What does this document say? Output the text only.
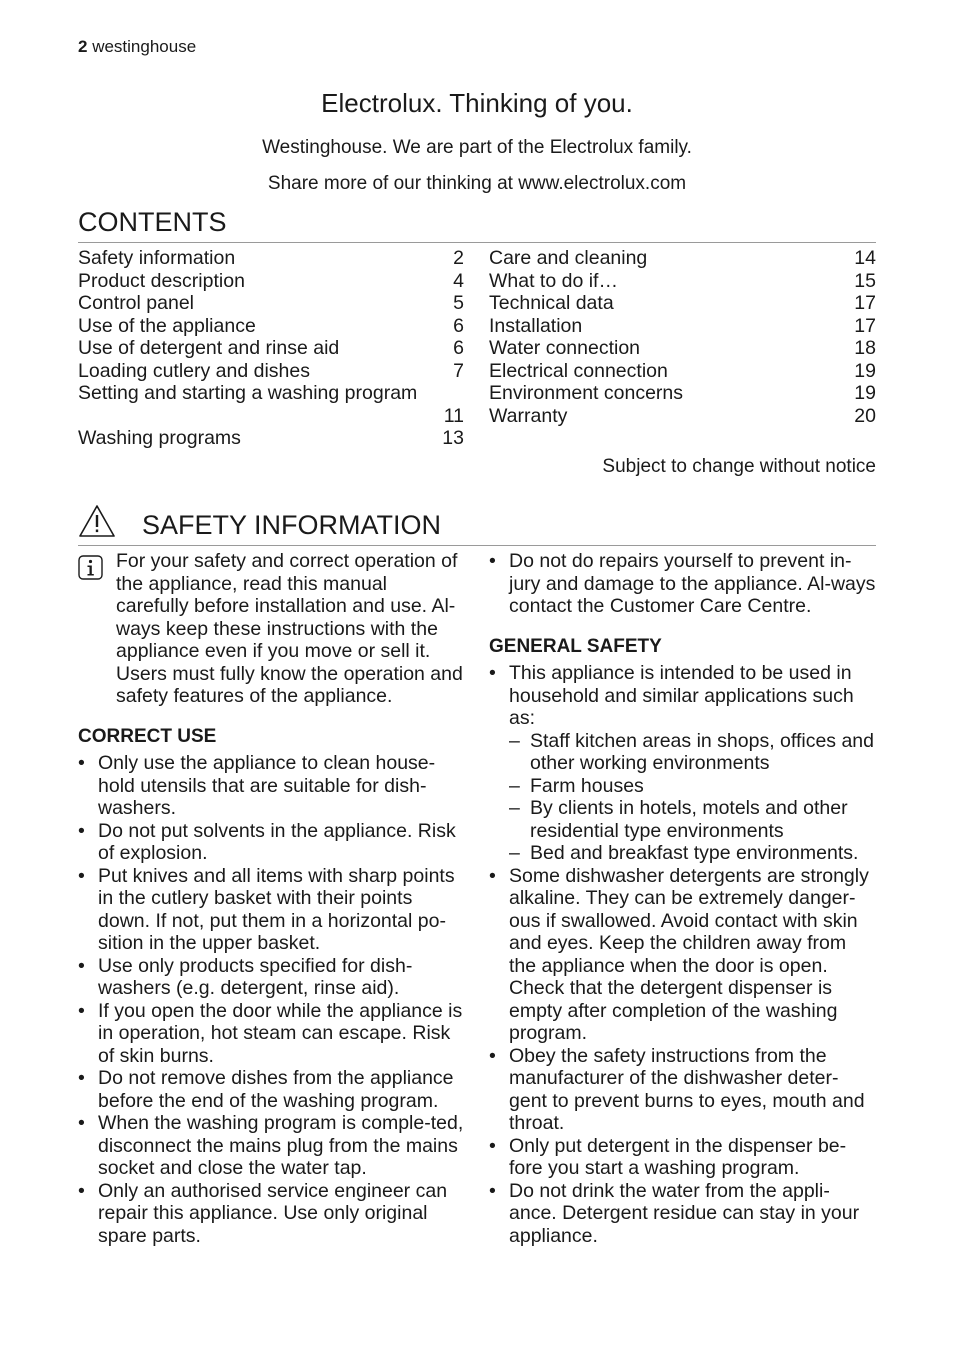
2 westinghouse
Electrolux. Thinking of you.
Westinghouse. We are part of the Electrolux family.
Share more of our thinking at www.electrolux.com
CONTENTS
Safety information	2
Product description	4
Control panel	5
Use of the appliance	6
Use of detergent and rinse aid	6
Loading cutlery and dishes	7
Setting and starting a washing program
11
Washing programs	13
Care and cleaning	14
What to do if…	15
Technical data	17
Installation	17
Water connection	18
Electrical connection	19
Environment concerns	19
Warranty	20
Subject to change without notice
SAFETY INFORMATION
For your safety and correct operation of the appliance, read this manual carefully before installation and use. Al-ways keep these instructions with the appliance even if you move or sell it. Users must fully know the operation and safety features of the appliance.
CORRECT USE
• Only use the appliance to clean house-hold utensils that are suitable for dish-washers.
• Do not put solvents in the appliance. Risk of explosion.
• Put knives and all items with sharp points in the cutlery basket with their points down. If not, put them in a horizontal po-sition in the upper basket.
• Use only products specified for dish-washers (e.g. detergent, rinse aid).
• If you open the door while the appliance is in operation, hot steam can escape. Risk of skin burns.
• Do not remove dishes from the appliance before the end of the washing program.
• When the washing program is comple-ted, disconnect the mains plug from the mains socket and close the water tap.
• Only an authorised service engineer can repair this appliance. Use only original spare parts.
• Do not do repairs yourself to prevent in-jury and damage to the appliance. Al-ways contact the Customer Care Centre.
GENERAL SAFETY
• This appliance is intended to be used in household and similar applications such as:
– Staff kitchen areas in shops, offices and other working environments
– Farm houses
– By clients in hotels, motels and other residential type environments
– Bed and breakfast type environments.
• Some dishwasher detergents are strongly alkaline. They can be extremely danger-ous if swallowed. Avoid contact with skin and eyes. Keep the children away from the appliance when the door is open. Check that the detergent dispenser is empty after completion of the washing program.
• Obey the safety instructions from the manufacturer of the dishwasher deter-gent to prevent burns to eyes, mouth and throat.
• Only put detergent in the dispenser be-fore you start a washing program.
• Do not drink the water from the appli-ance. Detergent residue can stay in your appliance.
